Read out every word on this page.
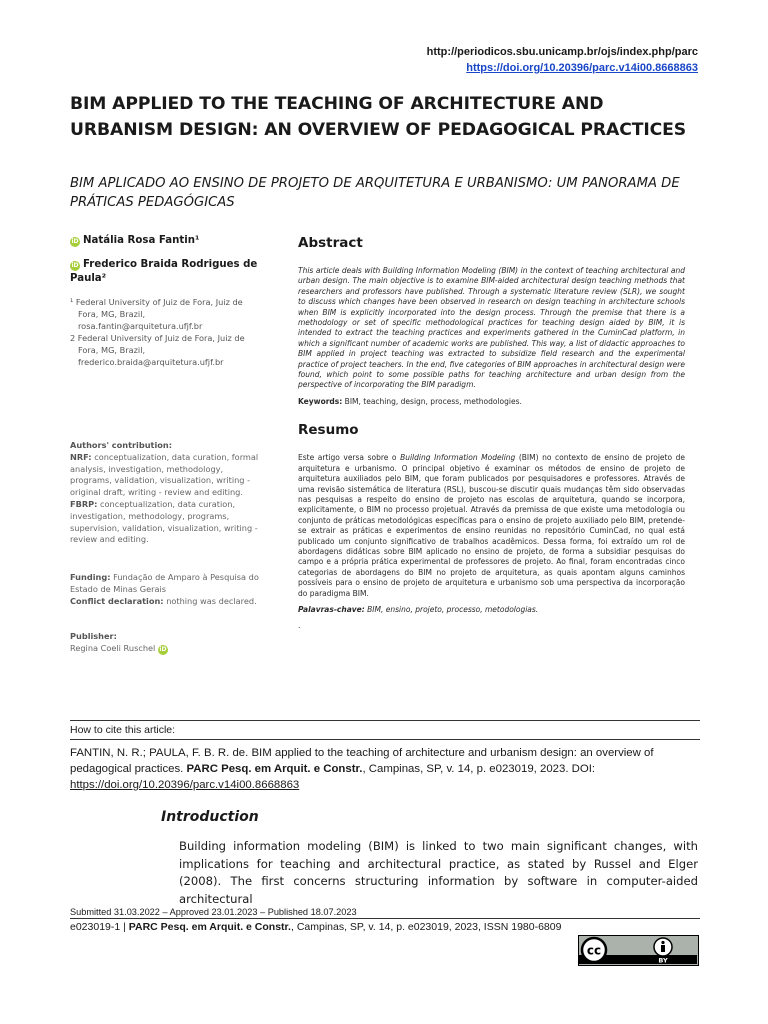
http://periodicos.sbu.unicamp.br/ojs/index.php/parc
https://doi.org/10.20396/parc.v14i00.8668863
BIM APPLIED TO THE TEACHING OF ARCHITECTURE AND URBANISM DESIGN: AN OVERVIEW OF PEDAGOGICAL PRACTICES
BIM APLICADO AO ENSINO DE PROJETO DE ARQUITETURA E URBANISMO: UM PANORAMA DE PRÁTICAS PEDAGÓGICAS
iD Natália Rosa Fantin¹
iD Frederico Braida Rodrigues de Paula²

¹ Federal University of Juiz de Fora, Juiz de Fora, MG, Brazil, rosa.fantin@arquitetura.ufjf.br

2 Federal University of Juiz de Fora, Juiz de Fora, MG, Brazil, frederico.braida@arquitetura.ufjf.br

Authors' contribution:
NRF: conceptualization, data curation, formal analysis, investigation, methodology, programs, validation, visualization, writing - original draft, writing - review and editing. FBRP: conceptualization, data curation, investigation, methodology, programs, supervision, validation, visualization, writing - review and editing.
Funding: Fundação de Amparo à Pesquisa do Estado de Minas Gerais
Conflict declaration: nothing was declared.
Publisher:
Regina Coeli Ruschel iD
Abstract

This article deals with Building Information Modeling (BIM) in the context of teaching architectural and urban design. The main objective is to examine BIM-aided architectural design teaching methods that researchers and professors have published. Through a systematic literature review (SLR), we sought to discuss which changes have been observed in research on design teaching in architecture schools when BIM is explicitly incorporated into the design process. Through the premise that there is a methodology or set of specific methodological practices for teaching design aided by BIM, it is intended to extract the teaching practices and experiments gathered in the CuminCad platform, in which a significant number of academic works are published. This way, a list of didactic approaches to BIM applied in project teaching was extracted to subsidize field research and the experimental practice of project teachers. In the end, five categories of BIM approaches in architectural design were found, which point to some possible paths for teaching architecture and urban design from the perspective of incorporating the BIM paradigm.

Keywords: BIM, teaching, design, process, methodologies.

Resumo

Este artigo versa sobre o Building Information Modeling (BIM) no contexto de ensino de projeto de arquitetura e urbanismo. O principal objetivo é examinar os métodos de ensino de projeto de arquitetura auxiliados pelo BIM, que foram publicados por pesquisadores e professores. Através de uma revisão sistemática de literatura (RSL), buscou-se discutir quais mudanças têm sido observadas nas pesquisas a respeito do ensino de projeto nas escolas de arquitetura, quando se incorpora, explicitamente, o BIM no processo projetual. Através da premissa de que existe uma metodologia ou conjunto de práticas metodológicas específicas para o ensino de projeto auxiliado pelo BIM, pretende-se extrair as práticas e experimentos de ensino reunidas no repositório CuminCad, no qual está publicado um conjunto significativo de trabalhos acadêmicos. Dessa forma, foi extraído um rol de abordagens didáticas sobre BIM aplicado no ensino de projeto, de forma a subsidiar pesquisas do campo e a própria prática experimental de professores de projeto. Ao final, foram encontradas cinco categorias de abordagens do BIM no projeto de arquitetura, as quais apontam alguns caminhos possíveis para o ensino de projeto de arquitetura e urbanismo sob uma perspectiva da incorporação do paradigma BIM.

Palavras-chave: BIM, ensino, projeto, processo, metodologias.

.

How to cite this article:

FANTIN, N. R.; PAULA, F. B. R. de. BIM applied to the teaching of architecture and urbanism design: an overview of pedagogical practices. PARC Pesq. em Arquit. e Constr., Campinas, SP, v. 14, p. e023019, 2023. DOI: https://doi.org/10.20396/parc.v14i00.8668863

Introduction

Building information modeling (BIM) is linked to two main significant changes, with implications for teaching and architectural practice, as stated by Russel and Elger (2008). The first concerns structuring information by software in computer-aided architectural

Submitted 31.03.2022 – Approved 23.01.2023 – Published 18.07.2023
e023019-1 | PARC Pesq. em Arquit. e Constr., Campinas, SP, v. 14, p. e023019, 2023, ISSN 1980-6809
cc
BY
